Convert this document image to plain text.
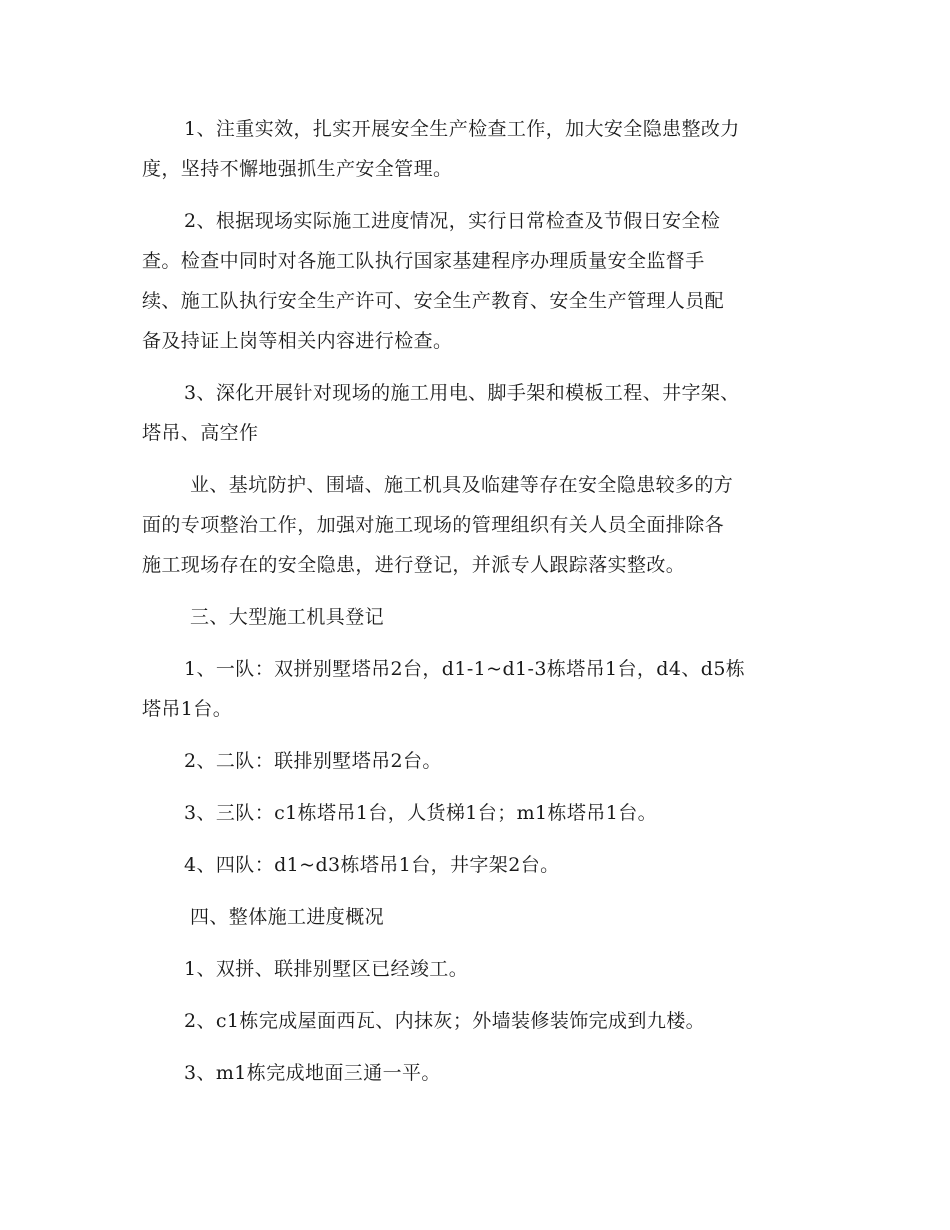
1、注重实效，扎实开展安全生产检查工作，加大安全隐患整改力
度，坚持不懈地强抓生产安全管理。

2、根据现场实际施工进度情况，实行日常检查及节假日安全检
查。检查中同时对各施工队执行国家基建程序办理质量安全监督手
续、施工队执行安全生产许可、安全生产教育、安全生产管理人员配
备及持证上岗等相关内容进行检查。

3、深化开展针对现场的施工用电、脚手架和模板工程、井字架、
塔吊、高空作

业、基坑防护、围墙、施工机具及临建等存在安全隐患较多的方
面的专项整治工作，加强对施工现场的管理组织有关人员全面排除各
施工现场存在的安全隐患，进行登记，并派专人跟踪落实整改。

三、大型施工机具登记

1、一队：双拼别墅塔吊2台，d1-1~d1-3栋塔吊1台，d4、d5栋
塔吊1台。

2、二队：联排别墅塔吊2台。

3、三队：c1栋塔吊1台，人货梯1台；m1栋塔吊1台。

4、四队：d1~d3栋塔吊1台，井字架2台。

四、整体施工进度概况

1、双拼、联排别墅区已经竣工。

2、c1栋完成屋面西瓦、内抹灰；外墙装修装饰完成到九楼。

3、m1栋完成地面三通一平。
